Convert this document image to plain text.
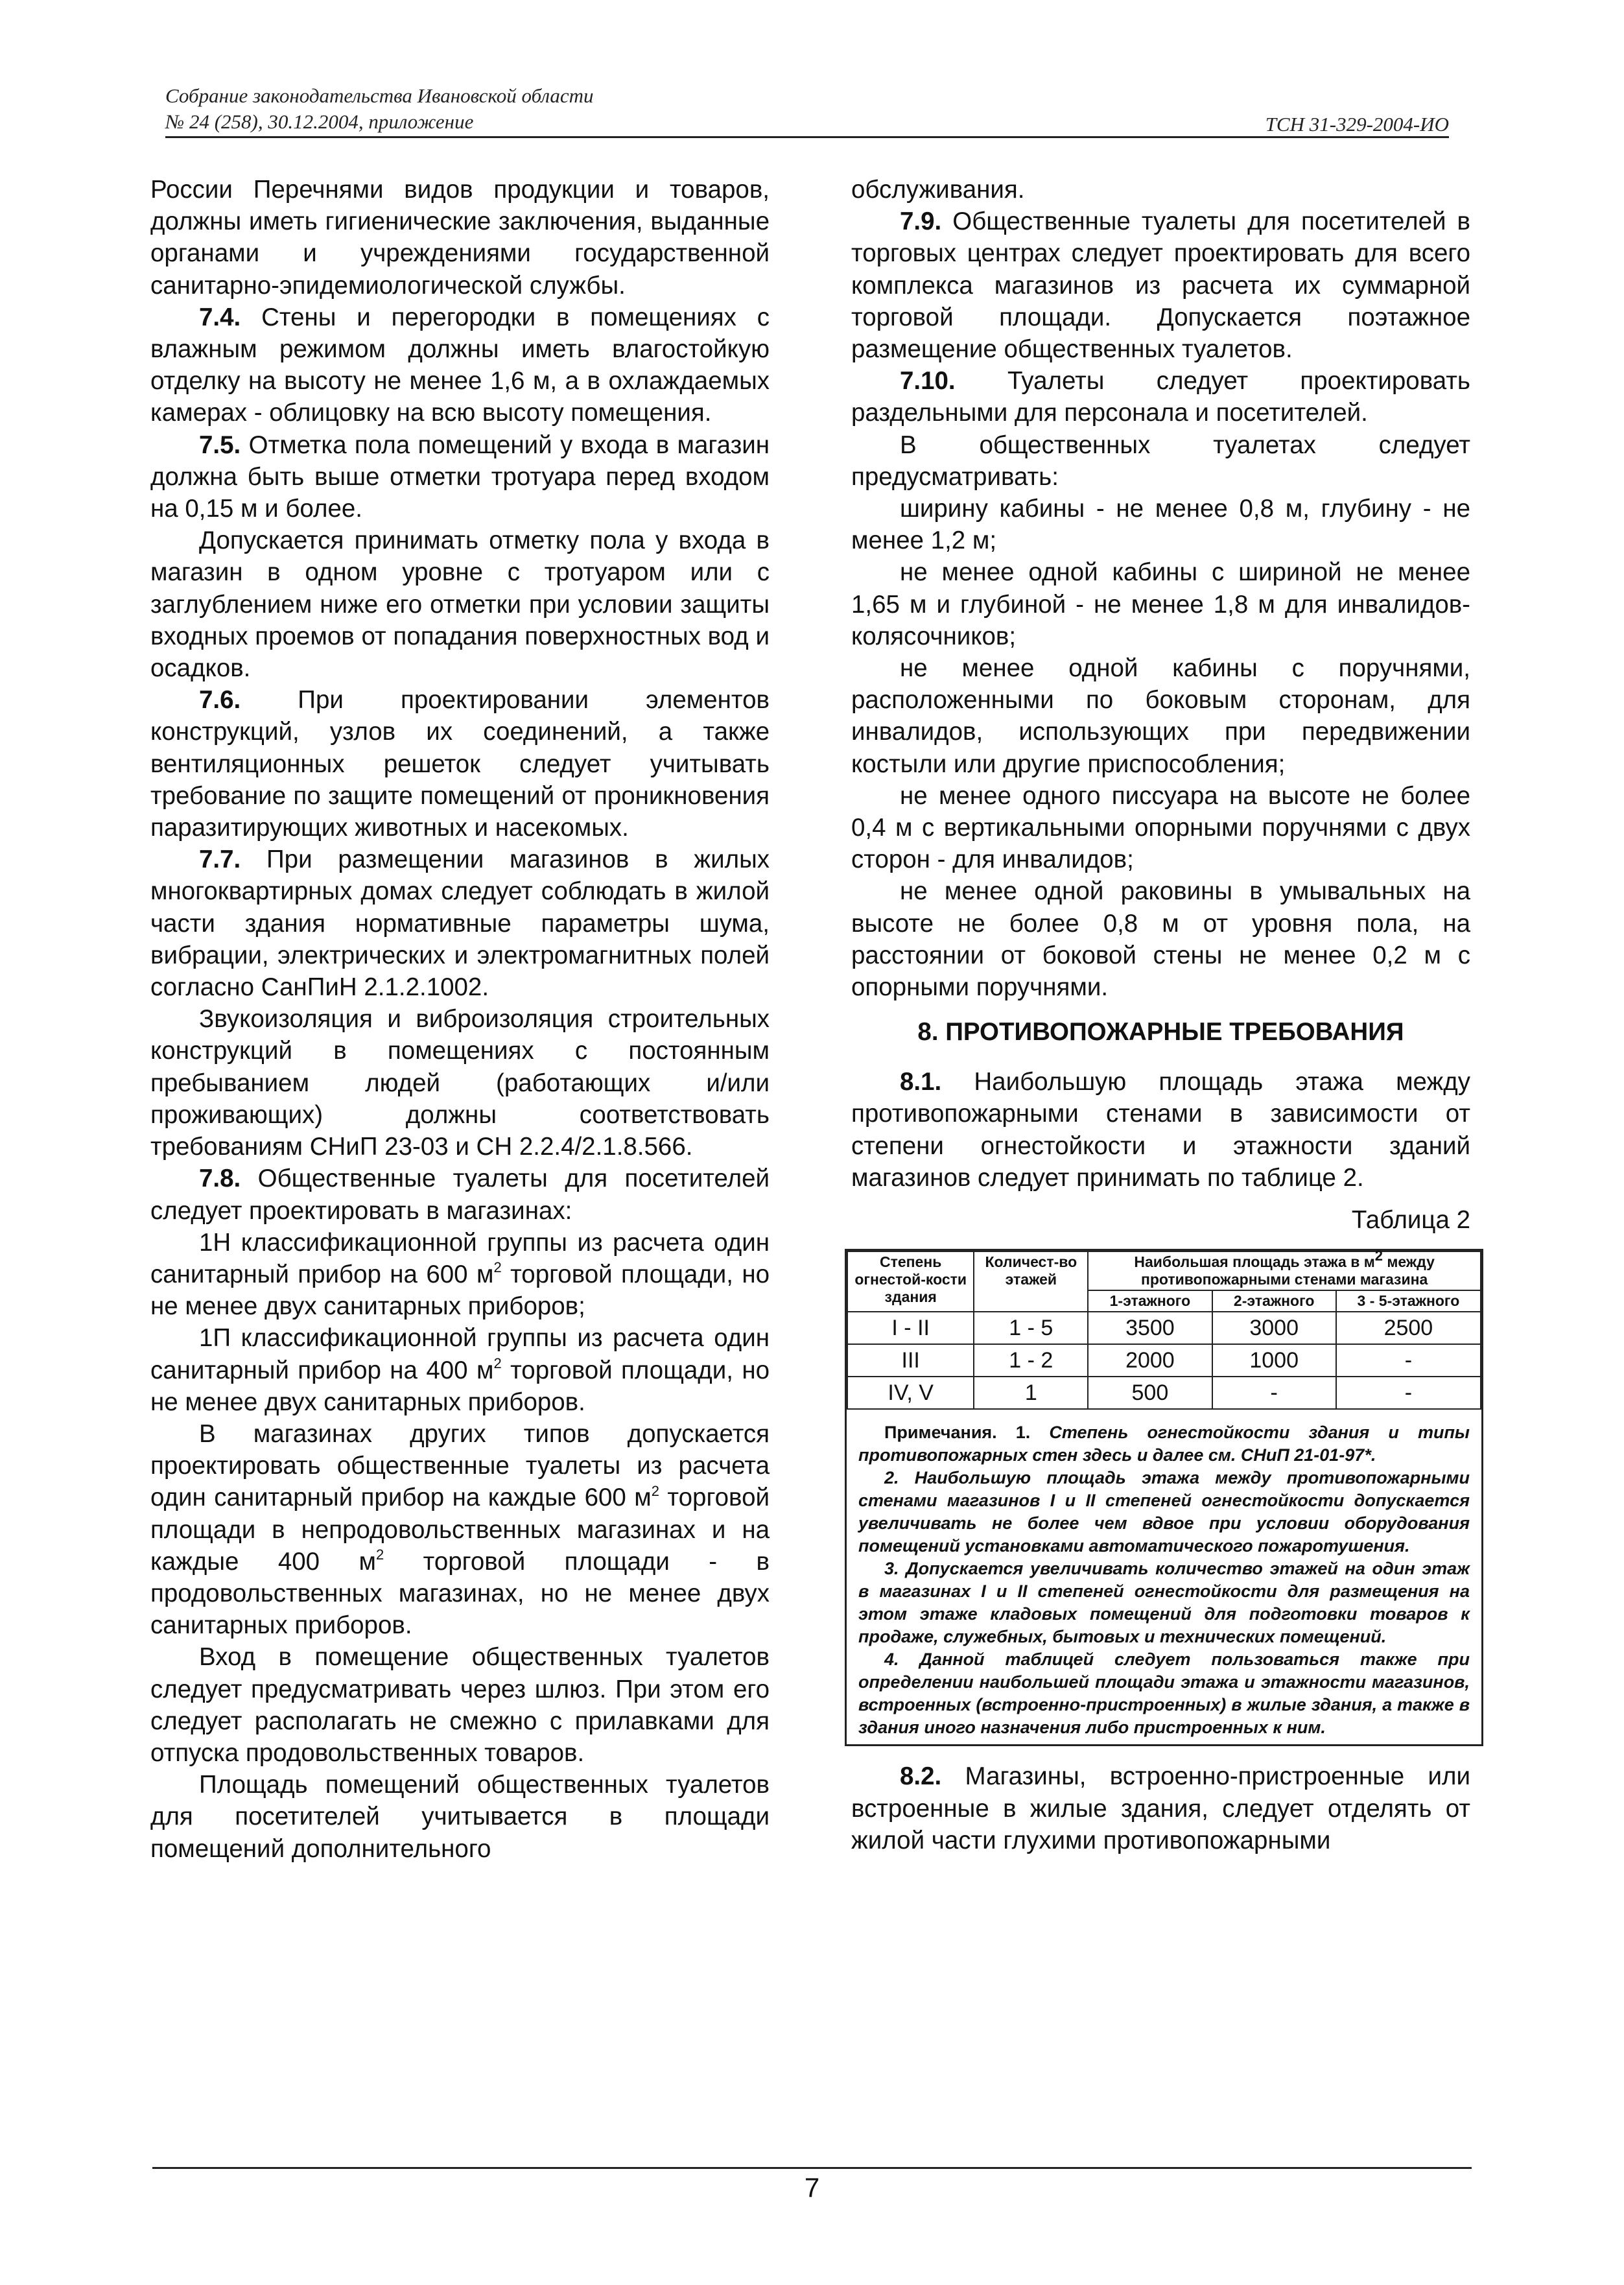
Собрание законодательства Ивановской области
№ 24 (258), 30.12.2004, приложение	ТСН 31-329-2004-ИО

России Перечнями видов продукции и товаров, должны иметь гигиенические заключения, выданные органами и учреждениями государственной санитарно-эпидемиологической службы.

7.4. Стены и перегородки в помещениях с влажным режимом должны иметь влагостойкую отделку на высоту не менее 1,6 м, а в охлаждаемых камерах - облицовку на всю высоту помещения.

7.5. Отметка пола помещений у входа в магазин должна быть выше отметки тротуара перед входом на 0,15 м и более.

Допускается принимать отметку пола у входа в магазин в одном уровне с тротуаром или с заглублением ниже его отметки при условии защиты входных проемов от попадания поверхностных вод и осадков.

7.6. При проектировании элементов конструкций, узлов их соединений, а также вентиляционных решеток следует учитывать требование по защите помещений от проникновения паразитирующих животных и насекомых.

7.7. При размещении магазинов в жилых многоквартирных домах следует соблюдать в жилой части здания нормативные параметры шума, вибрации, электрических и электромагнитных полей согласно СанПиН 2.1.2.1002.

Звукоизоляция и виброизоляция строительных конструкций в помещениях с постоянным пребыванием людей (работающих и/или проживающих) должны соответствовать требованиям СНиП 23-03 и СН 2.2.4/2.1.8.566.

7.8. Общественные туалеты для посетителей следует проектировать в магазинах:

1Н классификационной группы из расчета один санитарный прибор на 600 $м^2$ торговой площади, но не менее двух санитарных приборов;

1П классификационной группы из расчета один санитарный прибор на 400 $м^2$ торговой площади, но не менее двух санитарных приборов.

В магазинах других типов допускается проектировать общественные туалеты из расчета один санитарный прибор на каждые 600 $м^2$ торговой площади в непродовольственных магазинах и на каждые 400 $м^2$ торговой площади - в продовольственных магазинах, но не менее двух санитарных приборов.

Вход в помещение общественных туалетов следует предусматривать через шлюз. При этом его следует располагать не смежно с прилавками для отпуска продовольственных товаров.

Площадь помещений общественных туалетов для посетителей учитывается в площади помещений дополнительного

обслуживания.

7.9. Общественные туалеты для посетителей в торговых центрах следует проектировать для всего комплекса магазинов из расчета их суммарной торговой площади. Допускается поэтажное размещение общественных туалетов.

7.10. Туалеты следует проектировать раздельными для персонала и посетителей.

В общественных туалетах следует предусматривать:

ширину кабины - не менее 0,8 м, глубину - не менее 1,2 м;

не менее одной кабины с шириной не менее 1,65 м и глубиной - не менее 1,8 м для инвалидов-колясочников;

не менее одной кабины с поручнями, расположенными по боковым сторонам, для инвалидов, использующих при передвижении костыли или другие приспособления;

не менее одного писсуара на высоте не более 0,4 м с вертикальными опорными поручнями с двух сторон - для инвалидов;

не менее одной раковины в умывальных на высоте не более 0,8 м от уровня пола, на расстоянии от боковой стены не менее 0,2 м с опорными поручнями.

8. ПРОТИВОПОЖАРНЫЕ ТРЕБОВАНИЯ

8.1. Наибольшую площадь этажа между противопожарными стенами в зависимости от степени огнестойкости и этажности зданий магазинов следует принимать по таблице 2.

Таблица 2
Степень огнестой-кости здания	Количест-во этажей	Наибольшая площадь этажа в $м^2$ между противопожарными стенами магазина		
		1-этажного	2-этажного	3 - 5-этажного
I - II	1 - 5	3500	3000	2500
III	1 - 2	2000	1000	-
IV, V	1	500	-	-

Примечания. 1. Степень огнестойкости здания и типы противопожарных стен здесь и далее см. СНиП 21-01-97*.

2. Наибольшую площадь этажа между противопожарными стенами магазинов I и II степеней огнестойкости допускается увеличивать не более чем вдвое при условии оборудования помещений установками автоматического пожаротушения.

3. Допускается увеличивать количество этажей на один этаж в магазинах I и II степеней огнестойкости для размещения на этом этаже кладовых помещений для подготовки товаров к продаже, служебных, бытовых и технических помещений.

4. Данной таблицей следует пользоваться также при определении наибольшей площади этажа и этажности магазинов, встроенных (встроенно-пристроенных) в жилые здания, а также в здания иного назначения либо пристроенных к ним.

8.2. Магазины, встроенно-пристроенные или встроенные в жилые здания, следует отделять от жилой части глухими противопожарными

7
